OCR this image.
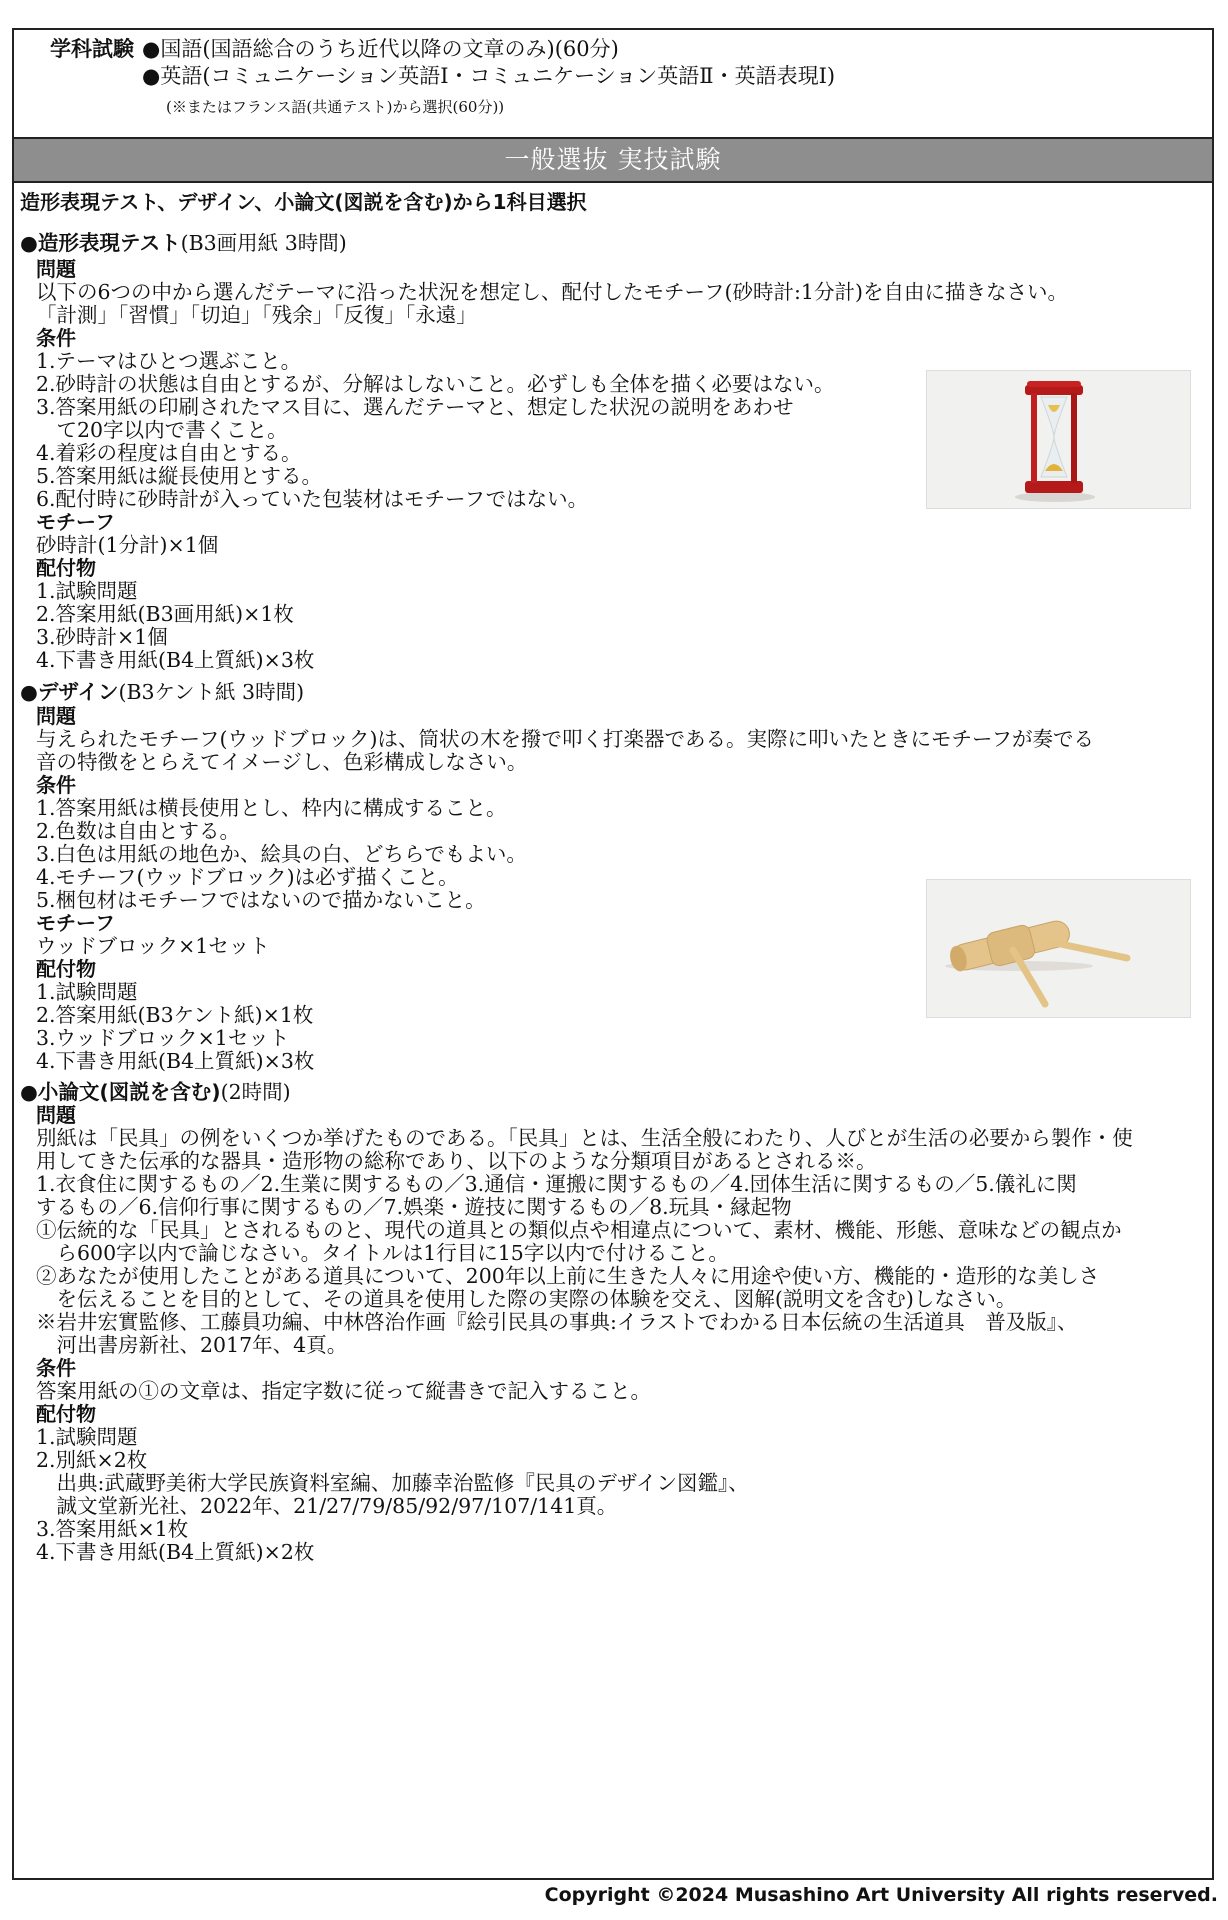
学科試験 ●国語(国語総合のうち近代以降の文章のみ)(60分)
●英語(コミュニケーション英語Ⅰ・コミュニケーション英語Ⅱ・英語表現Ⅰ)
(※またはフランス語(共通テスト)から選択(60分))
一般選抜 実技試験
造形表現テスト、デザイン、小論文(図説を含む)から1科目選択
●造形表現テスト(B3画用紙 3時間)
問題
以下の6つの中から選んだテーマに沿った状況を想定し、配付したモチーフ(砂時計:1分計)を自由に描きなさい。
「計測」「習慣」「切迫」「残余」「反復」「永遠」
条件
1.テーマはひとつ選ぶこと。
2.砂時計の状態は自由とするが、分解はしないこと。必ずしも全体を描く必要はない。
3.答案用紙の印刷されたマス目に、選んだテーマと、想定した状況の説明をあわせ
　て20字以内で書くこと。
4.着彩の程度は自由とする。
5.答案用紙は縦長使用とする。
6.配付時に砂時計が入っていた包装材はモチーフではない。
モチーフ
砂時計(1分計)×1個
配付物
1.試験問題
2.答案用紙(B3画用紙)×1枚
3.砂時計×1個
4.下書き用紙(B4上質紙)×3枚
●デザイン(B3ケント紙 3時間)
問題
与えられたモチーフ(ウッドブロック)は、筒状の木を撥で叩く打楽器である。実際に叩いたときにモチーフが奏でる
音の特徴をとらえてイメージし、色彩構成しなさい。
条件
1.答案用紙は横長使用とし、枠内に構成すること。
2.色数は自由とする。
3.白色は用紙の地色か、絵具の白、どちらでもよい。
4.モチーフ(ウッドブロック)は必ず描くこと。
5.梱包材はモチーフではないので描かないこと。
モチーフ
ウッドブロック×1セット
配付物
1.試験問題
2.答案用紙(B3ケント紙)×1枚
3.ウッドブロック×1セット
4.下書き用紙(B4上質紙)×3枚
●小論文(図説を含む)(2時間)
問題
別紙は「民具」の例をいくつか挙げたものである。「民具」とは、生活全般にわたり、人びとが生活の必要から製作・使
用してきた伝承的な器具・造形物の総称であり、以下のような分類項目があるとされる※。
1.衣食住に関するもの／2.生業に関するもの／3.通信・運搬に関するもの／4.団体生活に関するもの／5.儀礼に関
するもの／6.信仰行事に関するもの／7.娯楽・遊技に関するもの／8.玩具・縁起物
①伝統的な「民具」とされるものと、現代の道具との類似点や相違点について、素材、機能、形態、意味などの観点か
　ら600字以内で論じなさい。タイトルは1行目に15字以内で付けること。
②あなたが使用したことがある道具について、200年以上前に生きた人々に用途や使い方、機能的・造形的な美しさ
　を伝えることを目的として、その道具を使用した際の実際の体験を交え、図解(説明文を含む)しなさい。
※岩井宏實監修、工藤員功編、中林啓治作画『絵引民具の事典:イラストでわかる日本伝統の生活道具　普及版』、
　河出書房新社、2017年、4頁。
条件
答案用紙の①の文章は、指定字数に従って縦書きで記入すること。
配付物
1.試験問題
2.別紙×2枚
　出典:武蔵野美術大学民族資料室編、加藤幸治監修『民具のデザイン図鑑』、
　誠文堂新光社、2022年、21/27/79/85/92/97/107/141頁。
3.答案用紙×1枚
4.下書き用紙(B4上質紙)×2枚
Copyright ©2024 Musashino Art University All rights reserved.
